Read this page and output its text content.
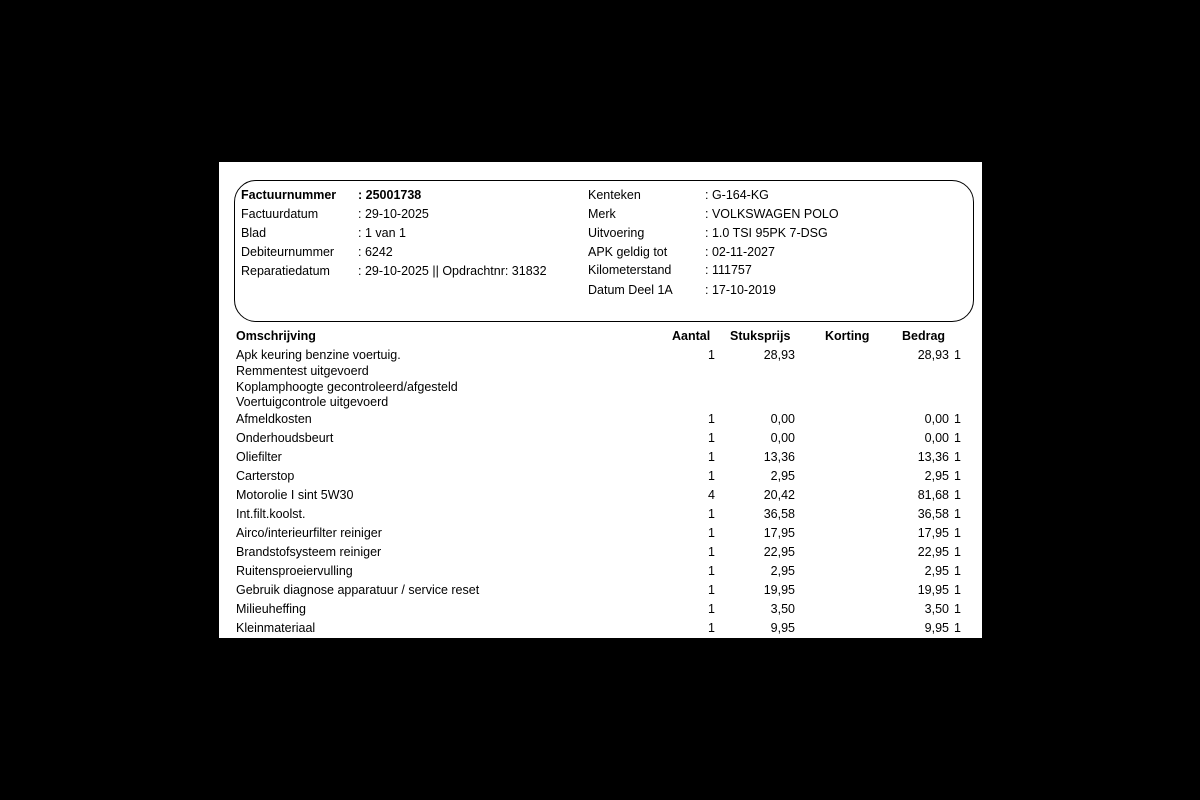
Factuurnummer : 25001738
Factuurdatum	: 29-10-2025
Blad	: 1 van 1
Debiteurnummer : 6242
Reparatiedatum : 29-10-2025 || Opdrachtnr: 31832
Kenteken	: G-164-KG
Merk	: VOLKSWAGEN POLO
Uitvoering	: 1.0 TSI 95PK 7-DSG
APK geldig tot	: 02-11-2027
Kilometerstand	: 111757
Datum Deel 1A	: 17-10-2019
Omschrijving	Aantal Stuksprijs	Korting	Bedrag
Apk keuring benzine voertuig.	1	28,93	28,93 1
Remmentest uitgevoerd
Koplamphoogte gecontroleerd/afgesteld
Voertuigcontrole uitgevoerd
Afmeldkosten	1	0,00	0,00 1
Onderhoudsbeurt	1	0,00	0,00 1
Oliefilter	1	13,36	13,36 1
Carterstop	1	2,95	2,95 1
Motorolie I sint 5W30	4	20,42	81,68 1
Int.filt.koolst.	1	36,58	36,58 1
Airco/interieurfilter reiniger	1	17,95	17,95 1
Brandstofsysteem reiniger	1	22,95	22,95 1
Ruitensproeiervulling	1	2,95	2,95 1
Gebruik diagnose apparatuur / service reset	1	19,95	19,95 1
Milieuheffing	1	3,50	3,50 1
Kleinmateriaal	1	9,95	9,95 1
